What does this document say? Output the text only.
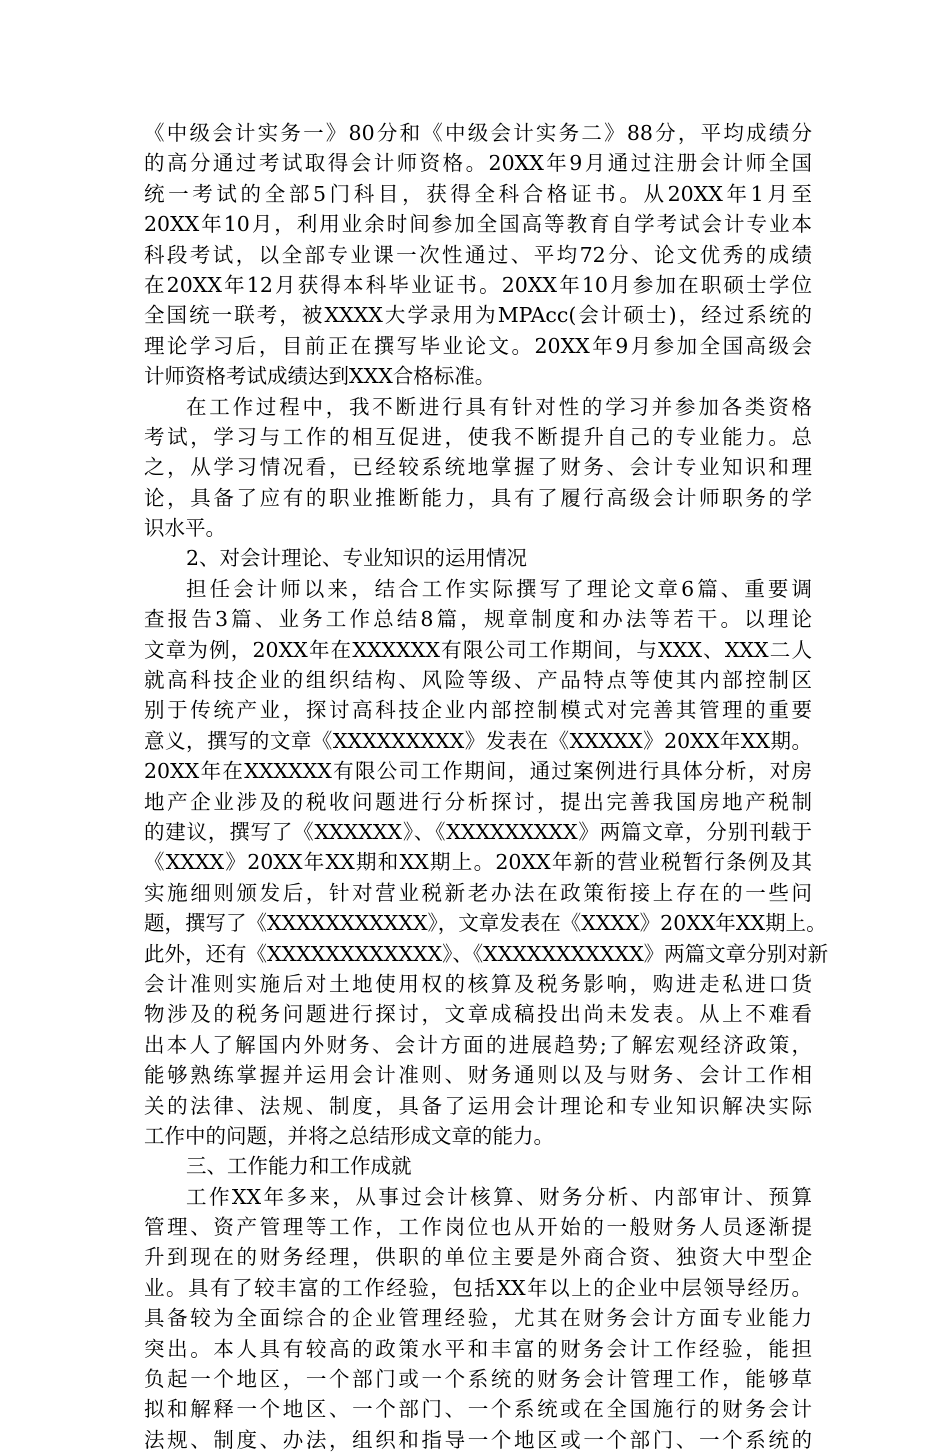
《中级会计实务一》80分和《中级会计实务二》88分，平均成绩分
的高分通过考试取得会计师资格。20XX年9月通过注册会计师全国
统一考试的全部5门科目，获得全科合格证书。从20XX年1月至
20XX年10月，利用业余时间参加全国高等教育自学考试会计专业本
科段考试，以全部专业课一次性通过、平均72分、论文优秀的成绩
在20XX年12月获得本科毕业证书。20XX年10月参加在职硕士学位
全国统一联考，被XXXX大学录用为MPAcc(会计硕士)，经过系统的
理论学习后，目前正在撰写毕业论文。20XX年9月参加全国高级会
计师资格考试成绩达到XXX合格标准。
在工作过程中，我不断进行具有针对性的学习并参加各类资格
考试，学习与工作的相互促进，使我不断提升自己的专业能力。总
之，从学习情况看，已经较系统地掌握了财务、会计专业知识和理
论，具备了应有的职业推断能力，具有了履行高级会计师职务的学
识水平。
2、对会计理论、专业知识的运用情况
担任会计师以来，结合工作实际撰写了理论文章6篇、重要调
查报告3篇、业务工作总结8篇，规章制度和办法等若干。以理论
文章为例，20XX年在XXXXXX有限公司工作期间，与XXX、XXX二人
就高科技企业的组织结构、风险等级、产品特点等使其内部控制区
别于传统产业，探讨高科技企业内部控制模式对完善其管理的重要
意义，撰写的文章《XXXXXXXXX》发表在《XXXXX》20XX年XX期。
20XX年在XXXXXX有限公司工作期间，通过案例进行具体分析，对房
地产企业涉及的税收问题进行分析探讨，提出完善我国房地产税制
的建议，撰写了《XXXXXX》、《XXXXXXXXX》两篇文章，分别刊载于
《XXXX》20XX年XX期和XX期上。20XX年新的营业税暂行条例及其
实施细则颁发后，针对营业税新老办法在政策衔接上存在的一些问
题，撰写了《XXXXXXXXXXX》，文章发表在《XXXX》20XX年XX期上。
此外，还有《XXXXXXXXXXXX》、《XXXXXXXXXXX》两篇文章分别对新
会计准则实施后对土地使用权的核算及税务影响，购进走私进口货
物涉及的税务问题进行探讨，文章成稿投出尚未发表。从上不难看
出本人了解国内外财务、会计方面的进展趋势;了解宏观经济政策，
能够熟练掌握并运用会计准则、财务通则以及与财务、会计工作相
关的法律、法规、制度，具备了运用会计理论和专业知识解决实际
工作中的问题，并将之总结形成文章的能力。
三、工作能力和工作成就
工作XX年多来，从事过会计核算、财务分析、内部审计、预算
管理、资产管理等工作，工作岗位也从开始的一般财务人员逐渐提
升到现在的财务经理，供职的单位主要是外商合资、独资大中型企
业。具有了较丰富的工作经验，包括XX年以上的企业中层领导经历。
具备较为全面综合的企业管理经验，尤其在财务会计方面专业能力
突出。本人具有较高的政策水平和丰富的财务会计工作经验，能担
负起一个地区，一个部门或一个系统的财务会计管理工作，能够草
拟和解释一个地区、一个部门、一个系统或在全国施行的财务会计
法规、制度、办法，组织和指导一个地区或一个部门、一个系统的
